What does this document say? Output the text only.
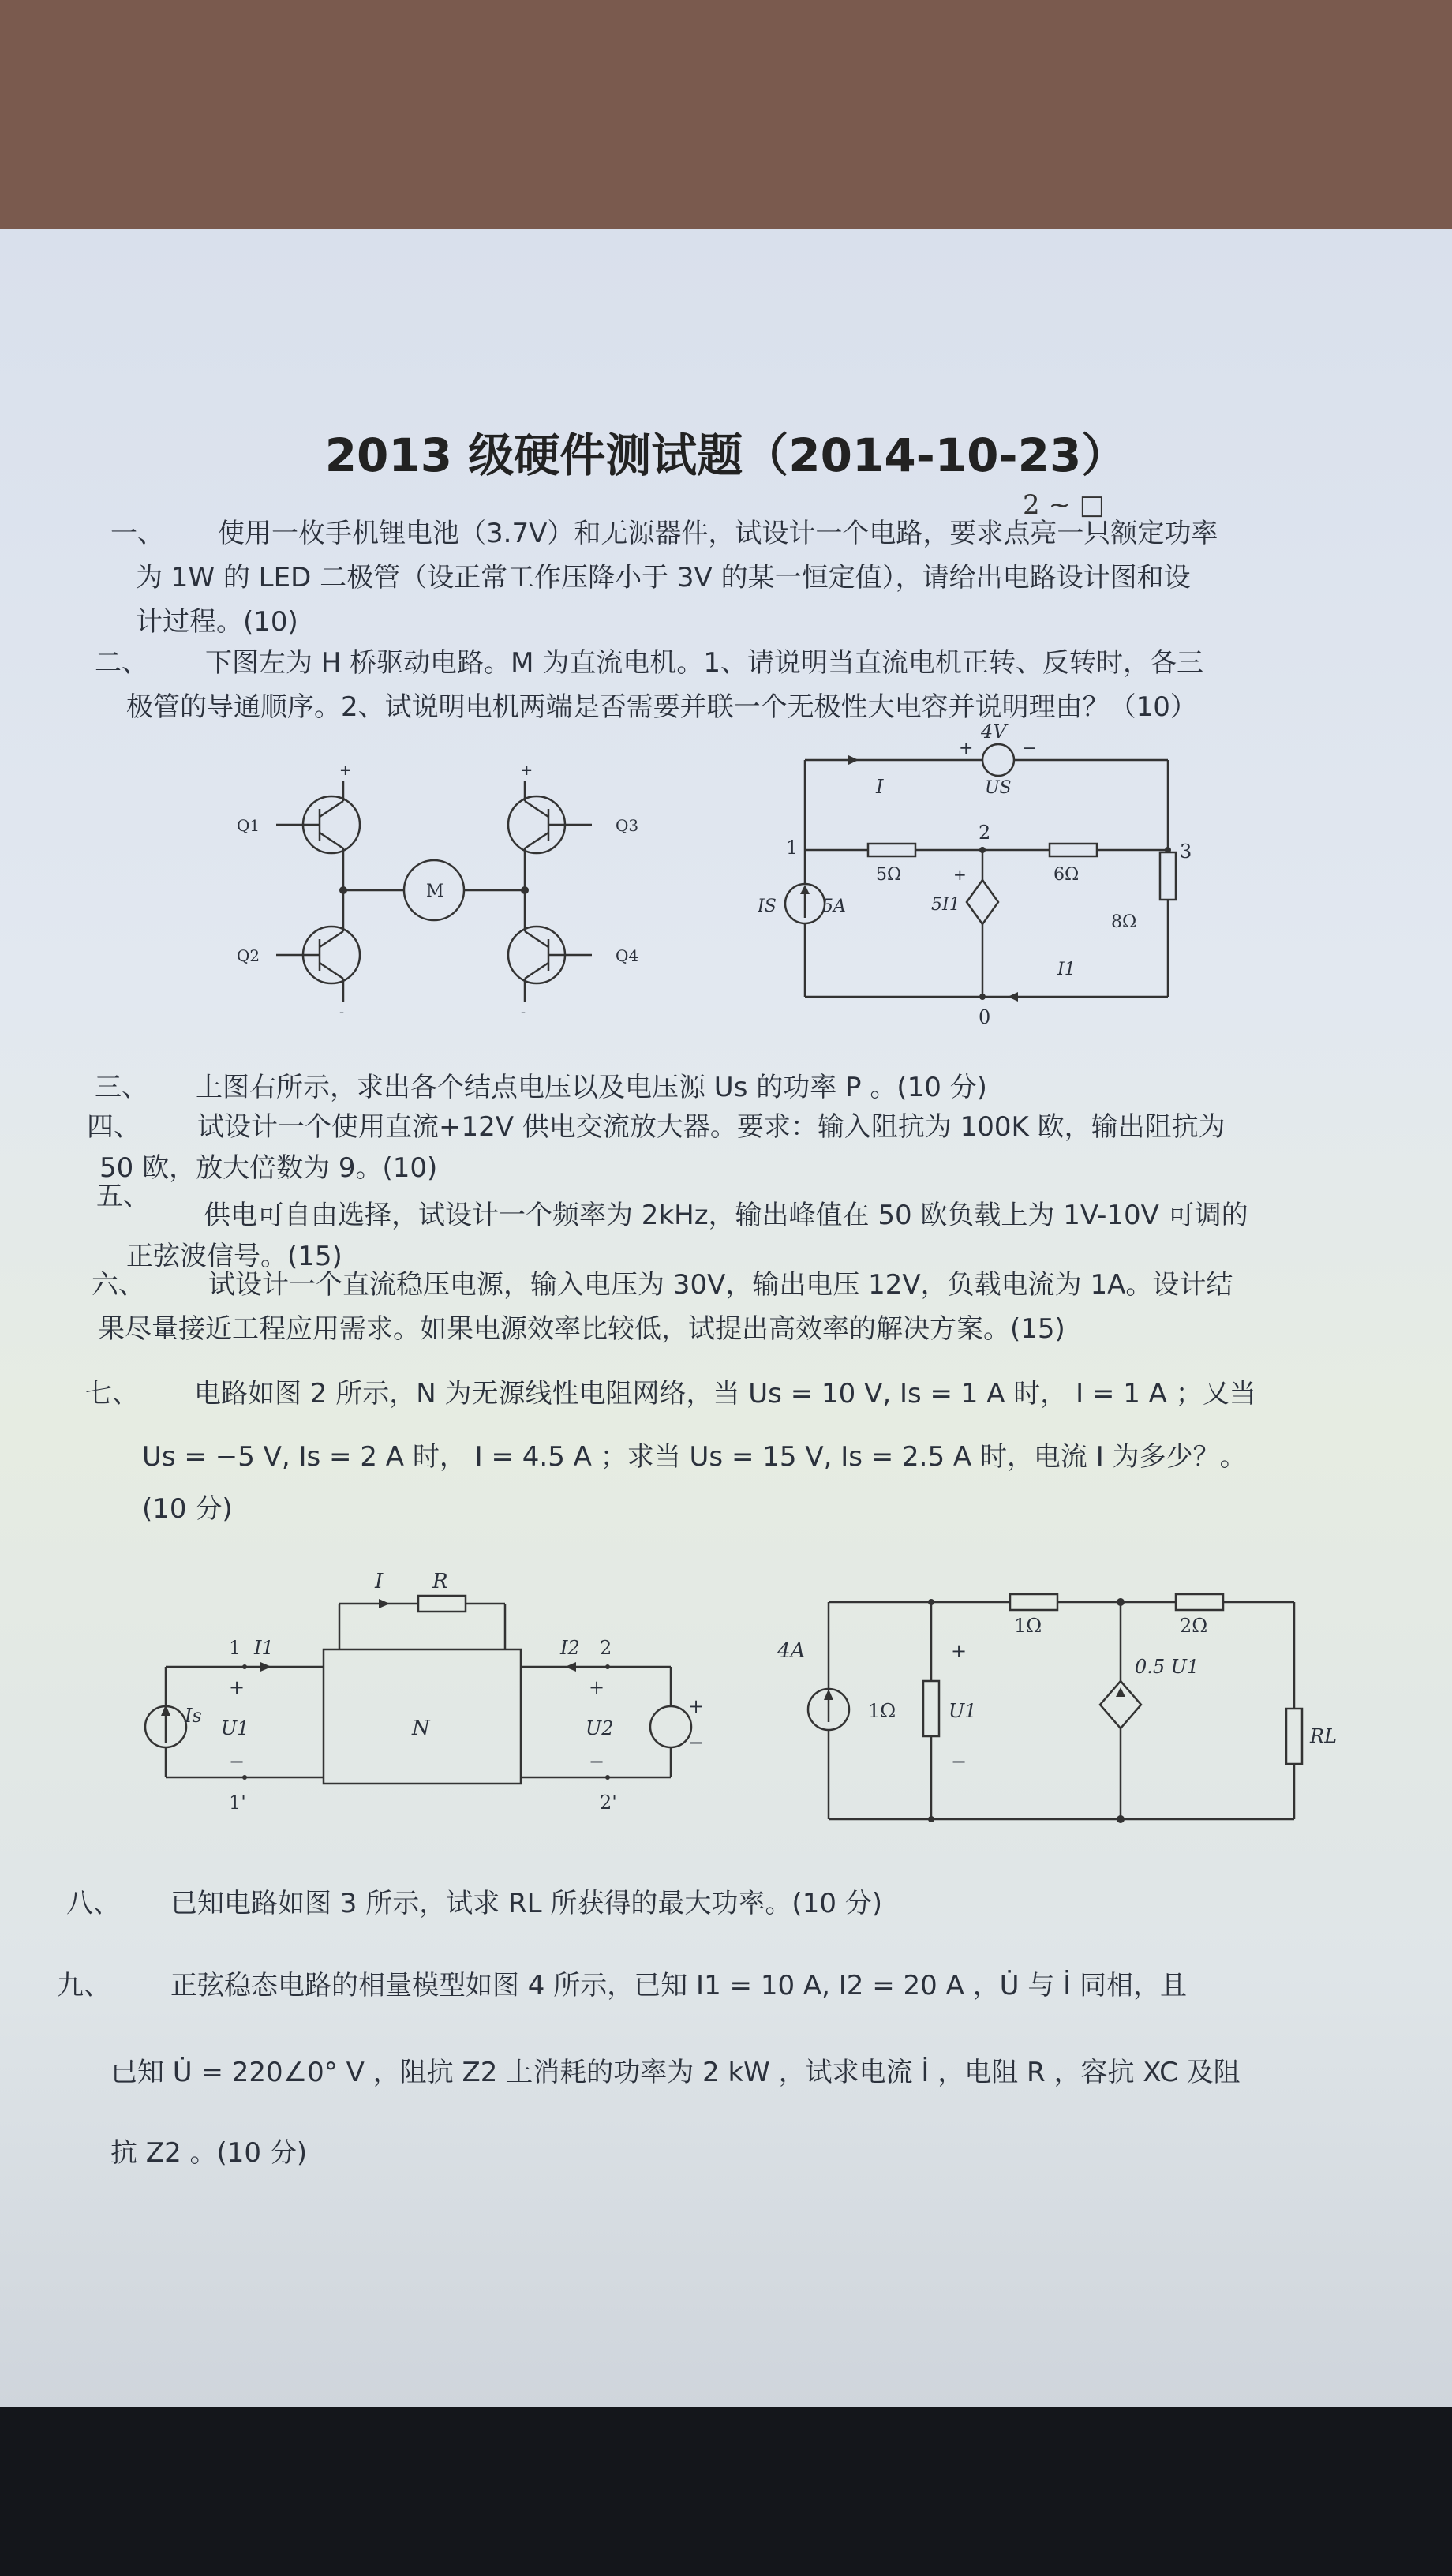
2013 级硬件测试题（2014-10-23）
2 ~ □
一、 使用一枚手机锂电池（3.7V）和无源器件，试设计一个电路，要求点亮一只额定功率
为 1W 的 LED 二极管（设正常工作压降小于 3V 的某一恒定值），请给出电路设计图和设
计过程。(10)
二、 下图左为 H 桥驱动电路。M 为直流电机。1、请说明当直流电机正转、反转时，各三
极管的导通顺序。2、试说明电机两端是否需要并联一个无极性大电容并说明理由？（10）
Q1
Q2
Q3
Q4
M
+	+
-	-
4V
+	−
US
I
1
2
3
0
5Ω	6Ω
8Ω
IS	5A	5I1
+
I1
三、 上图右所示，求出各个结点电压以及电压源 Us 的功率 P 。(10 分)
四、 试设计一个使用直流+12V 供电交流放大器。要求：输入阻抗为 100K 欧，输出阻抗为
50 欧，放大倍数为 9。(10)
五、
供电可自由选择，试设计一个频率为 2kHz，输出峰值在 50 欧负载上为 1V-10V 可调的
正弦波信号。(15)
六、 试设计一个直流稳压电源，输入电压为 30V，输出电压 12V，负载电流为 1A。设计结
果尽量接近工程应用需求。如果电源效率比较低，试提出高效率的解决方案。(15)
七、 电路如图 2 所示，N 为无源线性电阻网络，当 Us = 10 V, Is = 1 A 时， I = 1 A ；又当
Us = −5 V, Is = 2 A 时， I = 4.5 A ；求当 Us = 15 V, Is = 2.5 A 时，电流 I 为多少？。
(10 分)
I R
1 I1	I2 2
Is
+
U1
−
N
+
U2
−
+
−
1'	2'
4A
1Ω
+
U1
−
1Ω	2Ω
0.5 U1
RL
八、 已知电路如图 3 所示，试求 RL 所获得的最大功率。(10 分)
九、 正弦稳态电路的相量模型如图 4 所示，已知 I1 = 10 A, I2 = 20 A ，U̇ 与 İ 同相，且
已知 U̇ = 220∠0° V ，阻抗 Z2 上消耗的功率为 2 kW ，试求电流 İ ，电阻 R ，容抗 XC 及阻
抗 Z2 。(10 分)
